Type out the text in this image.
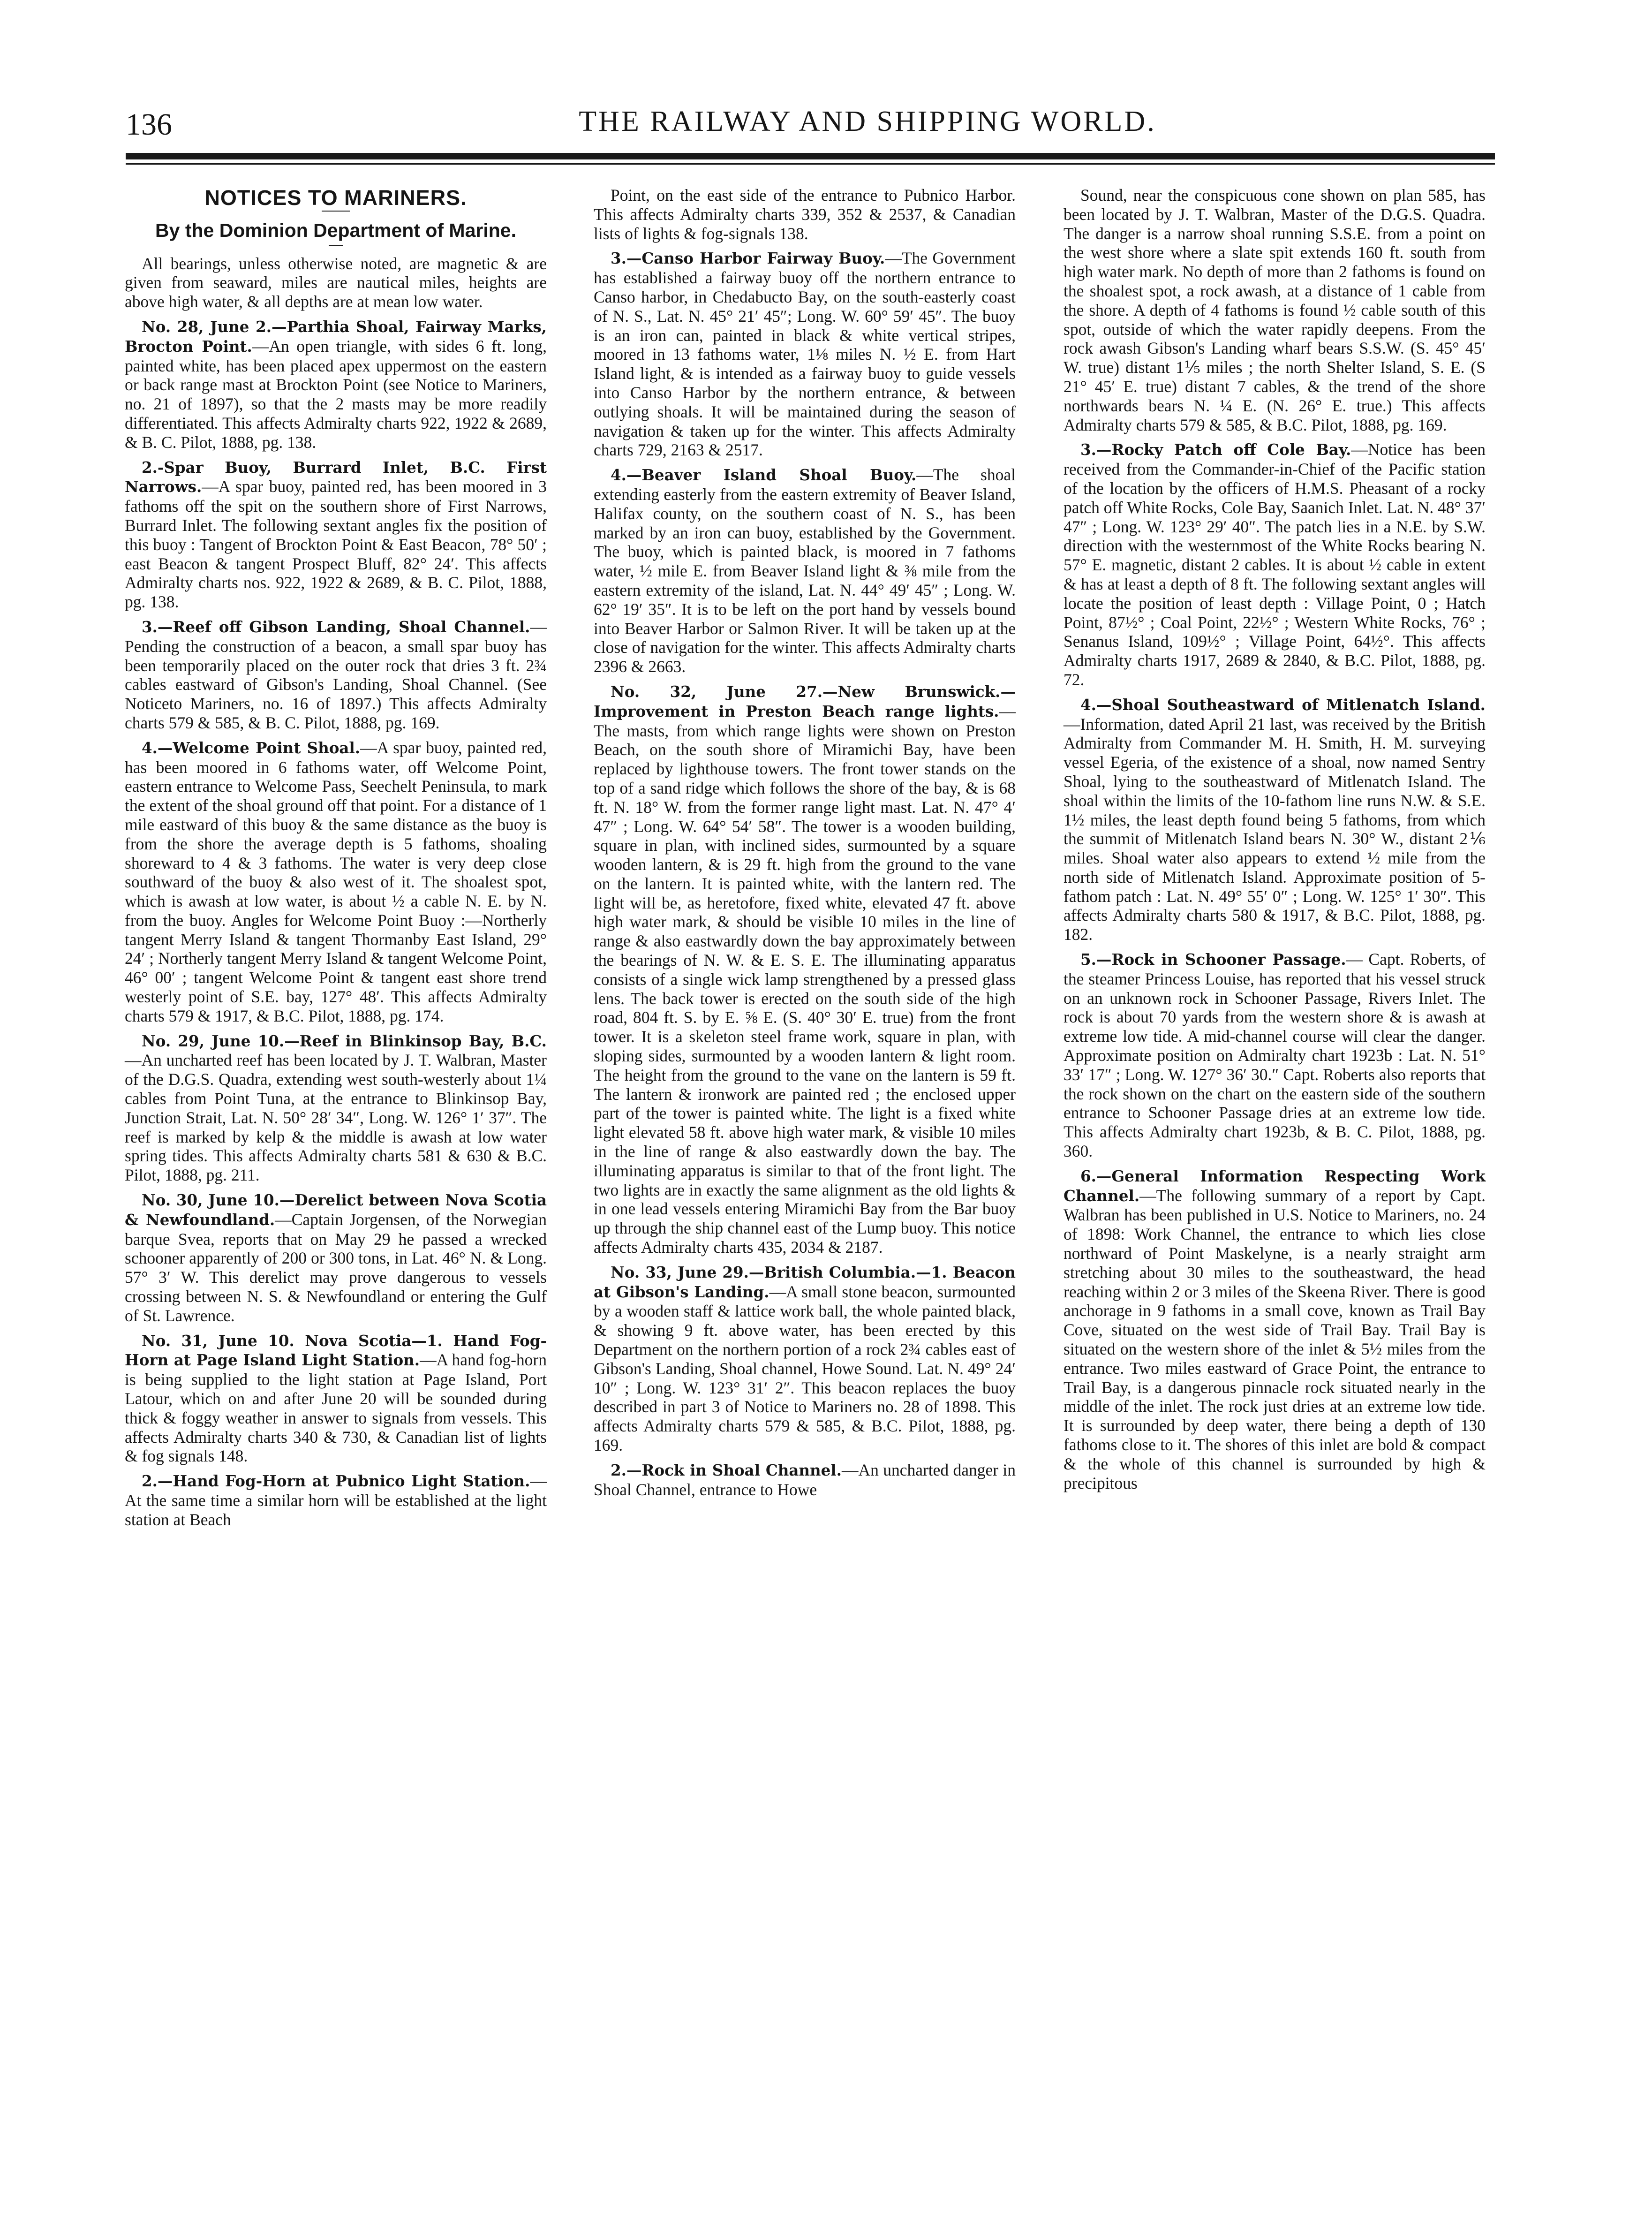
136	THE RAILWAY AND SHIPPING WORLD.
NOTICES TO MARINERS.
By the Dominion Department of Marine.

All bearings, unless otherwise noted, are magnetic & are given from seaward, miles are nautical miles, heights are above high water, & all depths are at mean low water.

No. 28, June 2.—Parthia Shoal, Fairway Marks, Brocton Point.—An open triangle, with sides 6 ft. long, painted white, has been placed apex uppermost on the eastern or back range mast at Brockton Point (see Notice to Mariners, no. 21 of 1897), so that the 2 masts may be more readily differentiated. This affects Admiralty charts 922, 1922 & 2689, & B. C. Pilot, 1888, pg. 138.

2.-Spar Buoy, Burrard Inlet, B.C. First Narrows.—A spar buoy, painted red, has been moored in 3 fathoms off the spit on the southern shore of First Narrows, Burrard Inlet. The following sextant angles fix the position of this buoy : Tangent of Brockton Point & East Beacon, 78° 50′ ; east Beacon & tangent Prospect Bluff, 82° 24′. This affects Admiralty charts nos. 922, 1922 & 2689, & B. C. Pilot, 1888, pg. 138.

3.—Reef off Gibson Landing, Shoal Channel.—Pending the construction of a beacon, a small spar buoy has been temporarily placed on the outer rock that dries 3 ft. 2¾ cables eastward of Gibson's Landing, Shoal Channel. (See Noticeto Mariners, no. 16 of 1897.) This affects Admiralty charts 579 & 585, & B. C. Pilot, 1888, pg. 169.

4.—Welcome Point Shoal.—A spar buoy, painted red, has been moored in 6 fathoms water, off Welcome Point, eastern entrance to Welcome Pass, Seechelt Peninsula, to mark the extent of the shoal ground off that point. For a distance of 1 mile eastward of this buoy & the same distance as the buoy is from the shore the average depth is 5 fathoms, shoaling shoreward to 4 & 3 fathoms. The water is very deep close southward of the buoy & also west of it. The shoalest spot, which is awash at low water, is about ½ a cable N. E. by N. from the buoy. Angles for Welcome Point Buoy :—Northerly tangent Merry Island & tangent Thormanby East Island, 29° 24′ ; Northerly tangent Merry Island & tangent Welcome Point, 46° 00′ ; tangent Welcome Point & tangent east shore trend westerly point of S.E. bay, 127° 48′. This affects Admiralty charts 579 & 1917, & B.C. Pilot, 1888, pg. 174.

No. 29, June 10.—Reef in Blinkinsop Bay, B.C.—An uncharted reef has been located by J. T. Walbran, Master of the D.G.S. Quadra, extending west south-westerly about 1¼ cables from Point Tuna, at the entrance to Blinkinsop Bay, Junction Strait, Lat. N. 50° 28′ 34″, Long. W. 126° 1′ 37″. The reef is marked by kelp & the middle is awash at low water spring tides. This affects Admiralty charts 581 & 630 & B.C. Pilot, 1888, pg. 211.

No. 30, June 10.—Derelict between Nova Scotia & Newfoundland.—Captain Jorgensen, of the Norwegian barque Svea, reports that on May 29 he passed a wrecked schooner apparently of 200 or 300 tons, in Lat. 46° N. & Long. 57° 3′ W. This derelict may prove dangerous to vessels crossing between N. S. & Newfoundland or entering the Gulf of St. Lawrence.

No. 31, June 10. Nova Scotia—1. Hand Fog-Horn at Page Island Light Station.—A hand fog-horn is being supplied to the light station at Page Island, Port Latour, which on and after June 20 will be sounded during thick & foggy weather in answer to signals from vessels. This affects Admiralty charts 340 & 730, & Canadian list of lights & fog signals 148.

2.—Hand Fog-Horn at Pubnico Light Station.—At the same time a similar horn will be established at the light station at Beach

Point, on the east side of the entrance to Pubnico Harbor. This affects Admiralty charts 339, 352 & 2537, & Canadian lists of lights & fog-signals 138.

3.—Canso Harbor Fairway Buoy.—The Government has established a fairway buoy off the northern entrance to Canso harbor, in Chedabucto Bay, on the south-easterly coast of N. S., Lat. N. 45° 21′ 45″; Long. W. 60° 59′ 45″. The buoy is an iron can, painted in black & white vertical stripes, moored in 13 fathoms water, 1⅛ miles N. ½ E. from Hart Island light, & is intended as a fairway buoy to guide vessels into Canso Harbor by the northern entrance, & between outlying shoals. It will be maintained during the season of navigation & taken up for the winter. This affects Admiralty charts 729, 2163 & 2517.

4.—Beaver Island Shoal Buoy.—The shoal extending easterly from the eastern extremity of Beaver Island, Halifax county, on the southern coast of N. S., has been marked by an iron can buoy, established by the Government. The buoy, which is painted black, is moored in 7 fathoms water, ½ mile E. from Beaver Island light & ⅜ mile from the eastern extremity of the island, Lat. N. 44° 49′ 45″ ; Long. W. 62° 19′ 35″. It is to be left on the port hand by vessels bound into Beaver Harbor or Salmon River. It will be taken up at the close of navigation for the winter. This affects Admiralty charts 2396 & 2663.

No. 32, June 27.—New Brunswick.—Improvement in Preston Beach range lights.—The masts, from which range lights were shown on Preston Beach, on the south shore of Miramichi Bay, have been replaced by lighthouse towers. The front tower stands on the top of a sand ridge which follows the shore of the bay, & is 68 ft. N. 18° W. from the former range light mast. Lat. N. 47° 4′ 47″ ; Long. W. 64° 54′ 58″. The tower is a wooden building, square in plan, with inclined sides, surmounted by a square wooden lantern, & is 29 ft. high from the ground to the vane on the lantern. It is painted white, with the lantern red. The light will be, as heretofore, fixed white, elevated 47 ft. above high water mark, & should be visible 10 miles in the line of range & also eastwardly down the bay approximately between the bearings of N. W. & E. S. E. The illuminating apparatus consists of a single wick lamp strengthened by a pressed glass lens. The back tower is erected on the south side of the high road, 804 ft. S. by E. ⅝ E. (S. 40° 30′ E. true) from the front tower. It is a skeleton steel frame work, square in plan, with sloping sides, surmounted by a wooden lantern & light room. The height from the ground to the vane on the lantern is 59 ft. The lantern & ironwork are painted red ; the enclosed upper part of the tower is painted white. The light is a fixed white light elevated 58 ft. above high water mark, & visible 10 miles in the line of range & also eastwardly down the bay. The illuminating apparatus is similar to that of the front light. The two lights are in exactly the same alignment as the old lights & in one lead vessels entering Miramichi Bay from the Bar buoy up through the ship channel east of the Lump buoy. This notice affects Admiralty charts 435, 2034 & 2187.

No. 33, June 29.—British Columbia.—1. Beacon at Gibson's Landing.—A small stone beacon, surmounted by a wooden staff & lattice work ball, the whole painted black, & showing 9 ft. above water, has been erected by this Department on the northern portion of a rock 2¾ cables east of Gibson's Landing, Shoal channel, Howe Sound. Lat. N. 49° 24′ 10″ ; Long. W. 123° 31′ 2″. This beacon replaces the buoy described in part 3 of Notice to Mariners no. 28 of 1898. This affects Admiralty charts 579 & 585, & B.C. Pilot, 1888, pg. 169.

2.—Rock in Shoal Channel.—An uncharted danger in Shoal Channel, entrance to Howe

Sound, near the conspicuous cone shown on plan 585, has been located by J. T. Walbran, Master of the D.G.S. Quadra. The danger is a narrow shoal running S.S.E. from a point on the west shore where a slate spit extends 160 ft. south from high water mark. No depth of more than 2 fathoms is found on the shoalest spot, a rock awash, at a distance of 1 cable from the shore. A depth of 4 fathoms is found ½ cable south of this spot, outside of which the water rapidly deepens. From the rock awash Gibson's Landing wharf bears S.S.W. (S. 45° 45′ W. true) distant 1⅕ miles ; the north Shelter Island, S. E. (S 21° 45′ E. true) distant 7 cables, & the trend of the shore northwards bears N. ¼ E. (N. 26° E. true.) This affects Admiralty charts 579 & 585, & B.C. Pilot, 1888, pg. 169.

3.—Rocky Patch off Cole Bay.—Notice has been received from the Commander-in-Chief of the Pacific station of the location by the officers of H.M.S. Pheasant of a rocky patch off White Rocks, Cole Bay, Saanich Inlet. Lat. N. 48° 37′ 47″ ; Long. W. 123° 29′ 40″. The patch lies in a N.E. by S.W. direction with the westernmost of the White Rocks bearing N. 57° E. magnetic, distant 2 cables. It is about ½ cable in extent & has at least a depth of 8 ft. The following sextant angles will locate the position of least depth : Village Point, 0 ; Hatch Point, 87½° ; Coal Point, 22½° ; Western White Rocks, 76° ; Senanus Island, 109½° ; Village Point, 64½°. This affects Admiralty charts 1917, 2689 & 2840, & B.C. Pilot, 1888, pg. 72.

4.—Shoal Southeastward of Mitlenatch Island.—Information, dated April 21 last, was received by the British Admiralty from Commander M. H. Smith, H. M. surveying vessel Egeria, of the existence of a shoal, now named Sentry Shoal, lying to the southeastward of Mitlenatch Island. The shoal within the limits of the 10-fathom line runs N.W. & S.E. 1½ miles, the least depth found being 5 fathoms, from which the summit of Mitlenatch Island bears N. 30° W., distant 2⅙ miles. Shoal water also appears to extend ½ mile from the north side of Mitlenatch Island. Approximate position of 5-fathom patch : Lat. N. 49° 55′ 0″ ; Long. W. 125° 1′ 30″. This affects Admiralty charts 580 & 1917, & B.C. Pilot, 1888, pg. 182.

5.—Rock in Schooner Passage.— Capt. Roberts, of the steamer Princess Louise, has reported that his vessel struck on an unknown rock in Schooner Passage, Rivers Inlet. The rock is about 70 yards from the western shore & is awash at extreme low tide. A mid-channel course will clear the danger. Approximate position on Admiralty chart 1923b : Lat. N. 51° 33′ 17″ ; Long. W. 127° 36′ 30.″ Capt. Roberts also reports that the rock shown on the chart on the eastern side of the southern entrance to Schooner Passage dries at an extreme low tide. This affects Admiralty chart 1923b, & B. C. Pilot, 1888, pg. 360.

6.—General Information Respecting Work Channel.—The following summary of a report by Capt. Walbran has been published in U.S. Notice to Mariners, no. 24 of 1898: Work Channel, the entrance to which lies close northward of Point Maskelyne, is a nearly straight arm stretching about 30 miles to the southeastward, the head reaching within 2 or 3 miles of the Skeena River. There is good anchorage in 9 fathoms in a small cove, known as Trail Bay Cove, situated on the west side of Trail Bay. Trail Bay is situated on the western shore of the inlet & 5½ miles from the entrance. Two miles eastward of Grace Point, the entrance to Trail Bay, is a dangerous pinnacle rock situated nearly in the middle of the inlet. The rock just dries at an extreme low tide. It is surrounded by deep water, there being a depth of 130 fathoms close to it. The shores of this inlet are bold & compact & the whole of this channel is surrounded by high & precipitous
